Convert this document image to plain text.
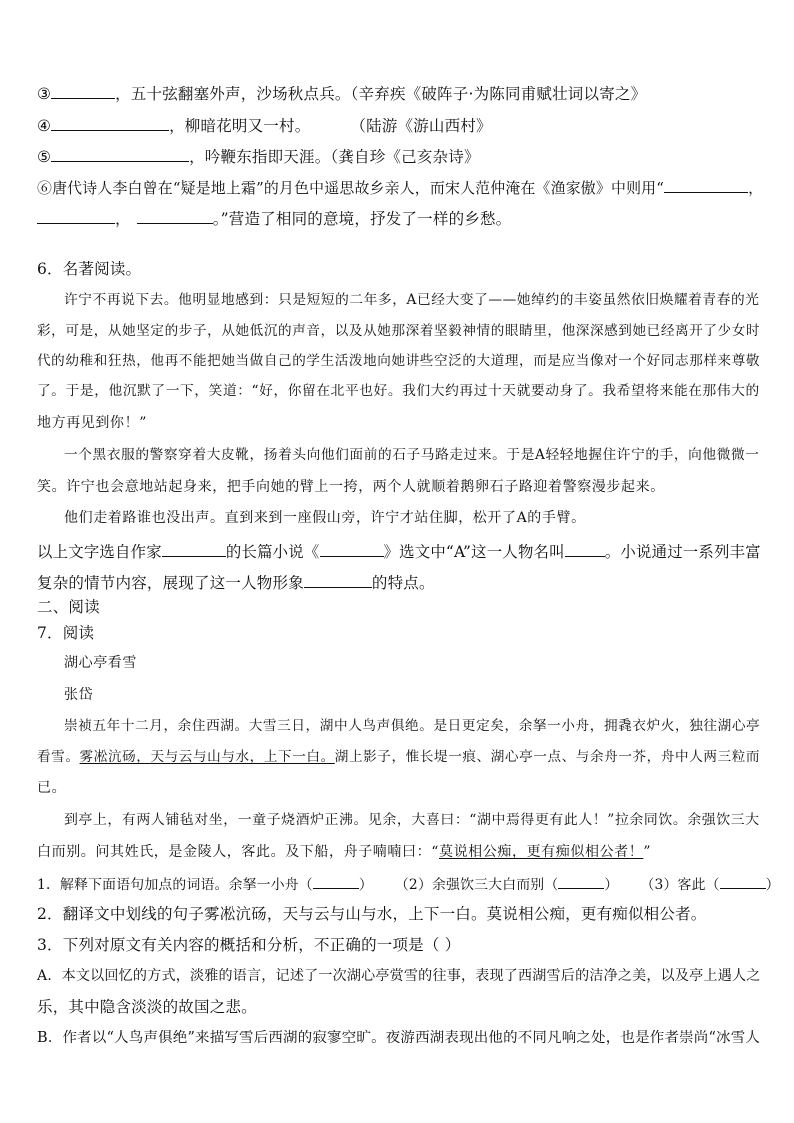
③	，五十弦翻塞外声，沙场秋点兵。（辛弃疾《破阵子·为陈同甫赋壮词以寄之》
④	，柳暗花明又一村。	（陆游《游山西村》
⑤	，吟鞭东指即天涯。（龚自珍《己亥杂诗》
⑥唐代诗人李白曾在“疑是地上霜”的月色中遥思故乡亲人，而宋人范仲淹在《渔家傲》中则用“	，
，	。”营造了相同的意境，抒发了一样的乡愁。
6．名著阅读。
许宁不再说下去。他明显地感到：只是短短的二年多，A已经大变了——她绰约的丰姿虽然依旧焕耀着青春的光
彩，可是，从她坚定的步子，从她低沉的声音，以及从她那深着坚毅神情的眼睛里，他深深感到她已经离开了少女时
代的幼稚和狂热，他再不能把她当做自己的学生活泼地向她讲些空泛的大道理，而是应当像对一个好同志那样来尊敬
了。于是，他沉默了一下，笑道：“好，你留在北平也好。我们大约再过十天就要动身了。我希望将来能在那伟大的
地方再见到你！”
一个黑衣服的警察穿着大皮靴，扬着头向他们面前的石子马路走过来。于是A轻轻地握住许宁的手，向他微微一
笑。许宁也会意地站起身来，把手向她的臂上一挎，两个人就顺着鹅卵石子路迎着警察漫步起来。
他们走着路谁也没出声。直到来到一座假山旁，许宁才站住脚，松开了A的手臂。
以上文字选自作家	的长篇小说《	》选文中“A”这一人物名叫	。小说通过一系列丰富
复杂的情节内容，展现了这一人物形象	的特点。
二、阅读
7．阅读
湖心亭看雪
张岱
崇祯五年十二月，余住西湖。大雪三日，湖中人鸟声俱绝。是日更定矣，余拏一小舟，拥毳衣炉火，独往湖心亭
看雪。雾凇沆砀，天与云与山与水，上下一白。湖上影子，惟长堤一痕、湖心亭一点、与余舟一芥，舟中人两三粒而
已。
到亭上，有两人铺毡对坐，一童子烧酒炉正沸。见余，大喜曰：“湖中焉得更有此人！”拉余同饮。余强饮三大
白而别。问其姓氏，是金陵人，客此。及下船，舟子喃喃曰：“莫说相公痴，更有痴似相公者！”
1．解释下面语句加点的词语。余拏一小舟（	） （2）余强饮三大白而别（	） （3）客此（	）
2．翻译文中划线的句子雾凇沆砀，天与云与山与水，上下一白。莫说相公痴，更有痴似相公者。
3．下列对原文有关内容的概括和分析，不正确的一项是（ ）
A．本文以回忆的方式，淡雅的语言，记述了一次湖心亭赏雪的往事，表现了西湖雪后的洁净之美，以及亭上遇人之
乐，其中隐含淡淡的故国之悲。
B．作者以“人鸟声俱绝”来描写雪后西湖的寂寥空旷。夜游西湖表现出他的不同凡响之处，也是作者崇尚“冰雪人
